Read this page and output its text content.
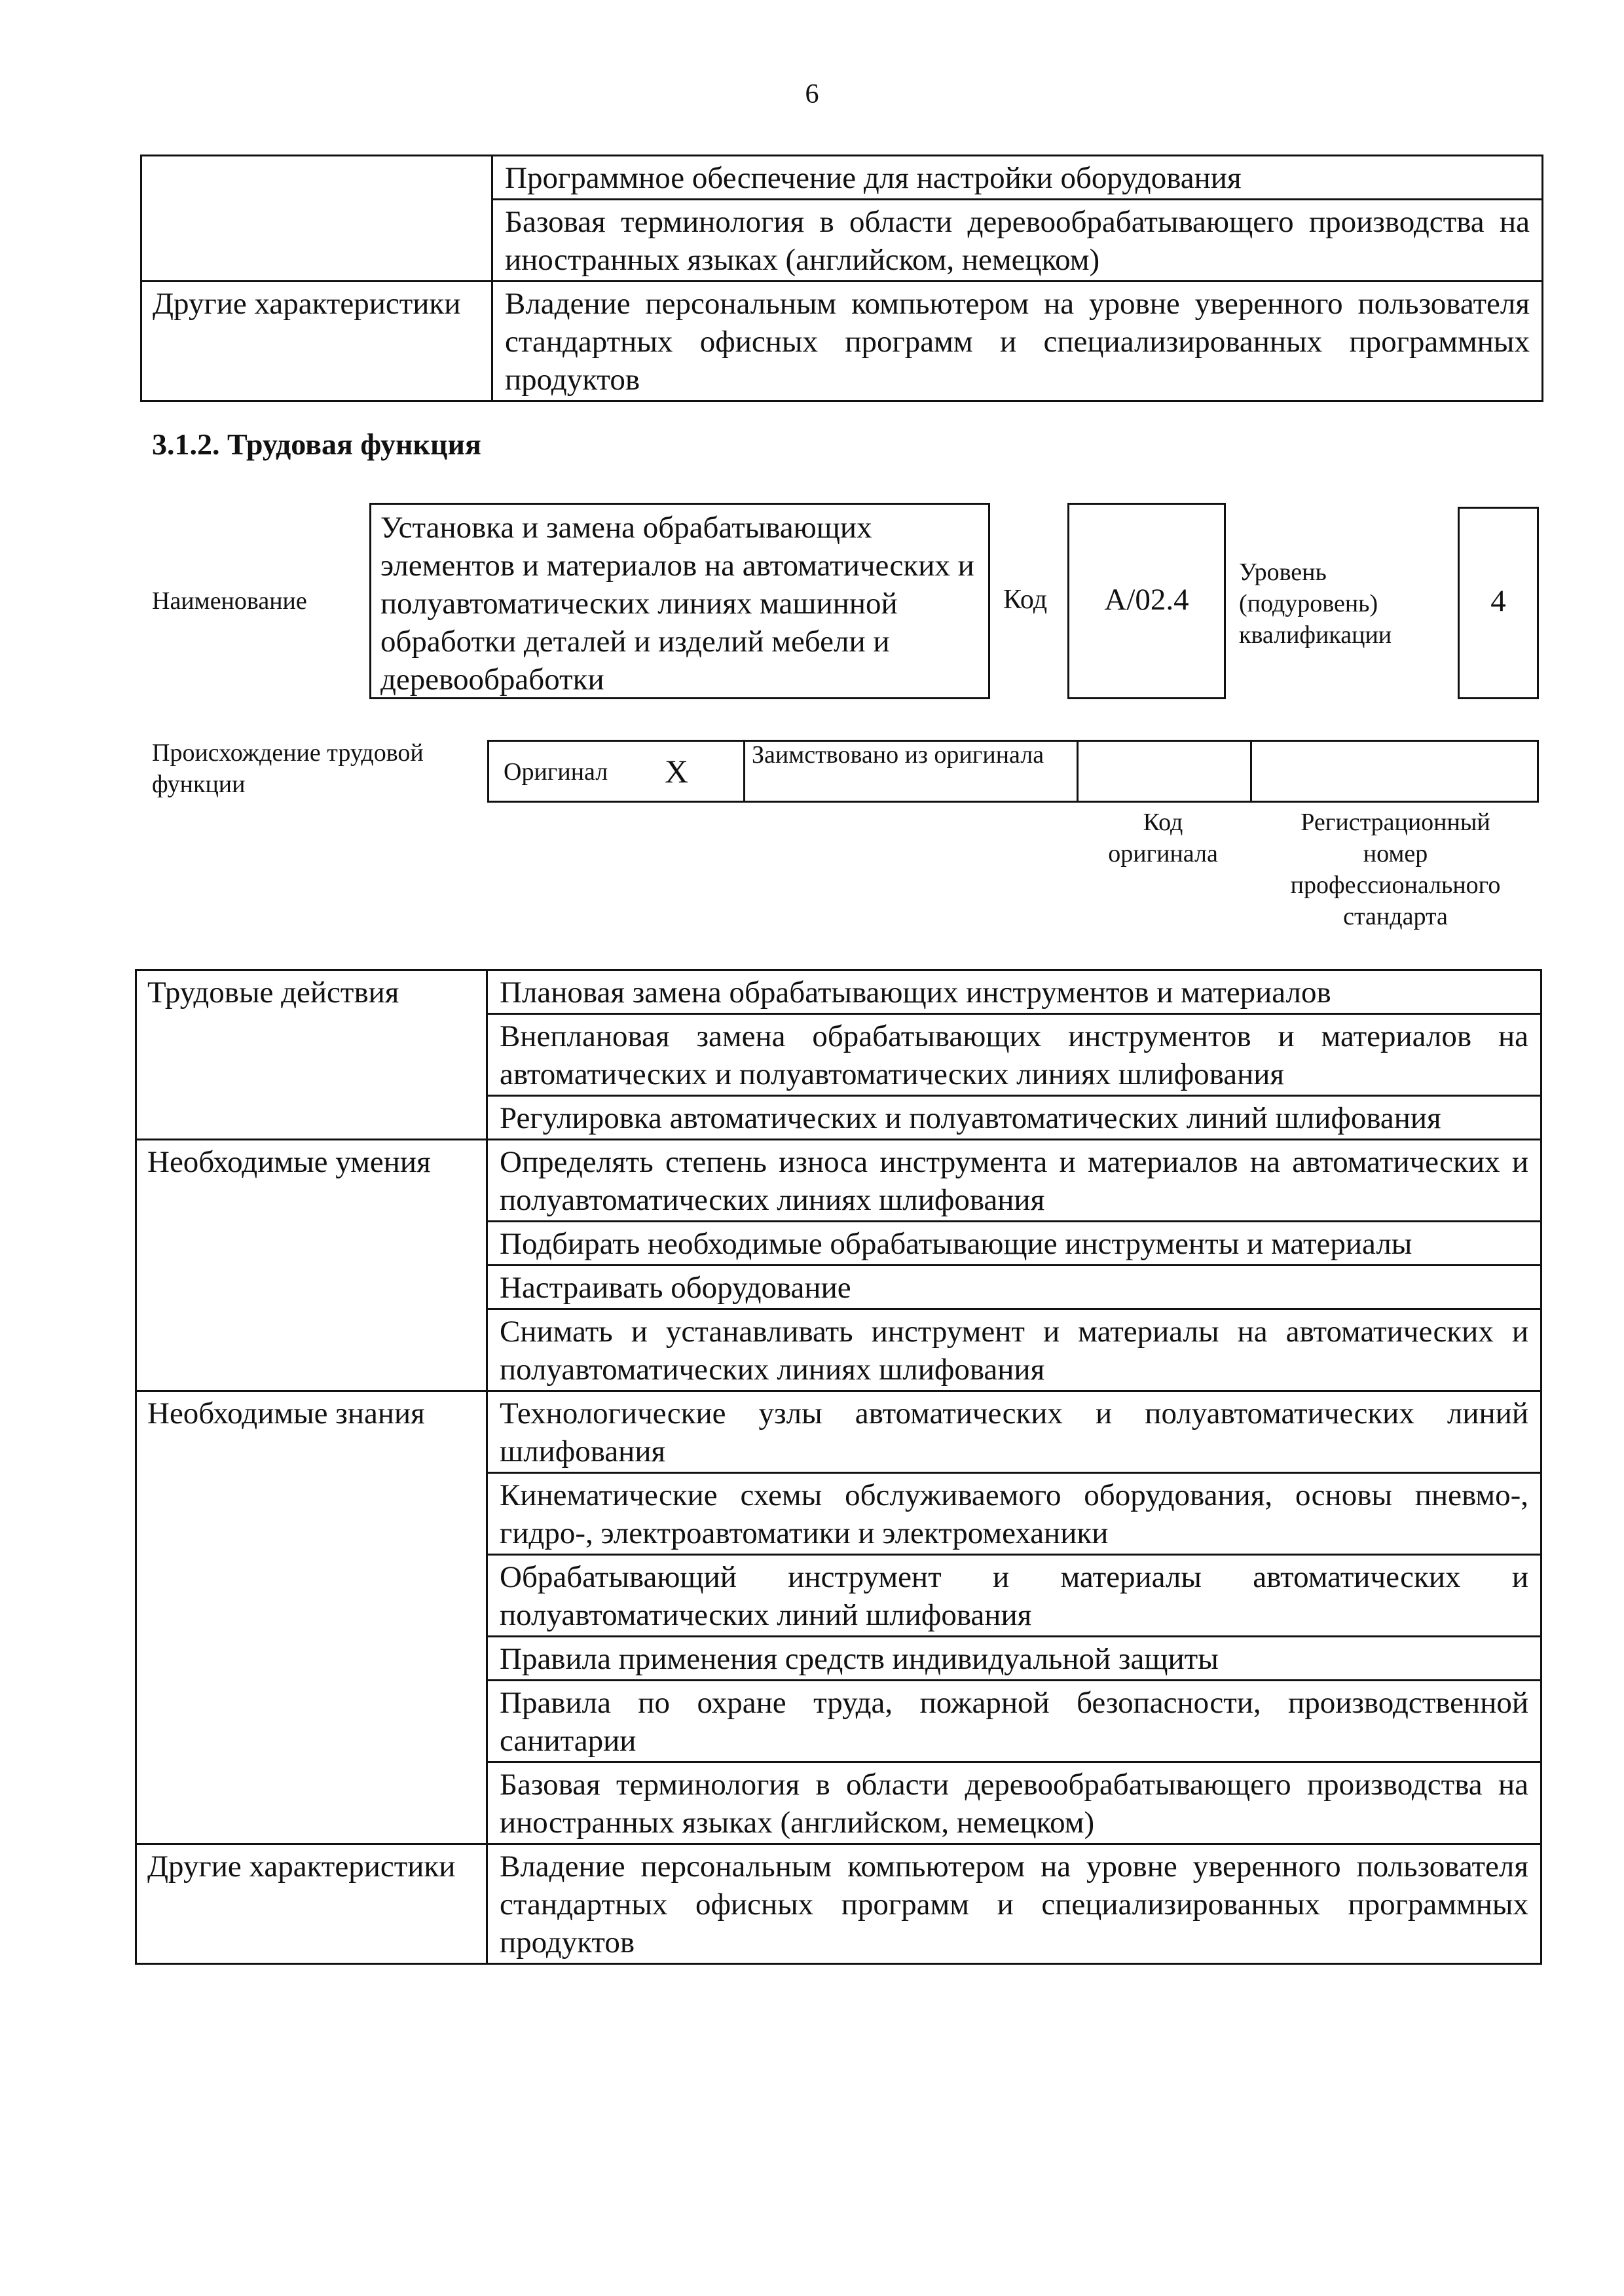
6
	Программное обеспечение для настройки оборудования
	Базовая терминология в области деревообрабатывающего производства на иностранных языках (английском, немецком)
Другие характеристики	Владение персональным компьютером на уровне уверенного пользователя стандартных офисных программ и специализированных программных продуктов
3.1.2. Трудовая функция
Наименование
Установка и замена обрабатывающих элементов и материалов на автоматических и полуавтоматических линиях машинной обработки деталей и изделий мебели и деревообработки
Код	A/02.4
Уровень (подуровень) квалификации
4
Происхождение трудовой функции	Оригинал X	Заимствовано из оригинала
Код оригинала
Регистрационный номер профессионального стандарта
Трудовые действия	Плановая замена обрабатывающих инструментов и материалов
	Внеплановая замена обрабатывающих инструментов и материалов на автоматических и полуавтоматических линиях шлифования
	Регулировка автоматических и полуавтоматических линий шлифования
Необходимые умения	Определять степень износа инструмента и материалов на автоматических и полуавтоматических линиях шлифования
	Подбирать необходимые обрабатывающие инструменты и материалы
	Настраивать оборудование
	Снимать и устанавливать инструмент и материалы на автоматических и полуавтоматических линиях шлифования
Необходимые знания	Технологические узлы автоматических и полуавтоматических линий шлифования
	Кинематические схемы обслуживаемого оборудования, основы пневмо-, гидро-, электроавтоматики и электромеханики
	Обрабатывающий инструмент и материалы автоматических и полуавтоматических линий шлифования
	Правила применения средств индивидуальной защиты
	Правила по охране труда, пожарной безопасности, производственной санитарии
	Базовая терминология в области деревообрабатывающего производства на иностранных языках (английском, немецком)
Другие характеристики	Владение персональным компьютером на уровне уверенного пользователя стандартных офисных программ и специализированных программных продуктов
